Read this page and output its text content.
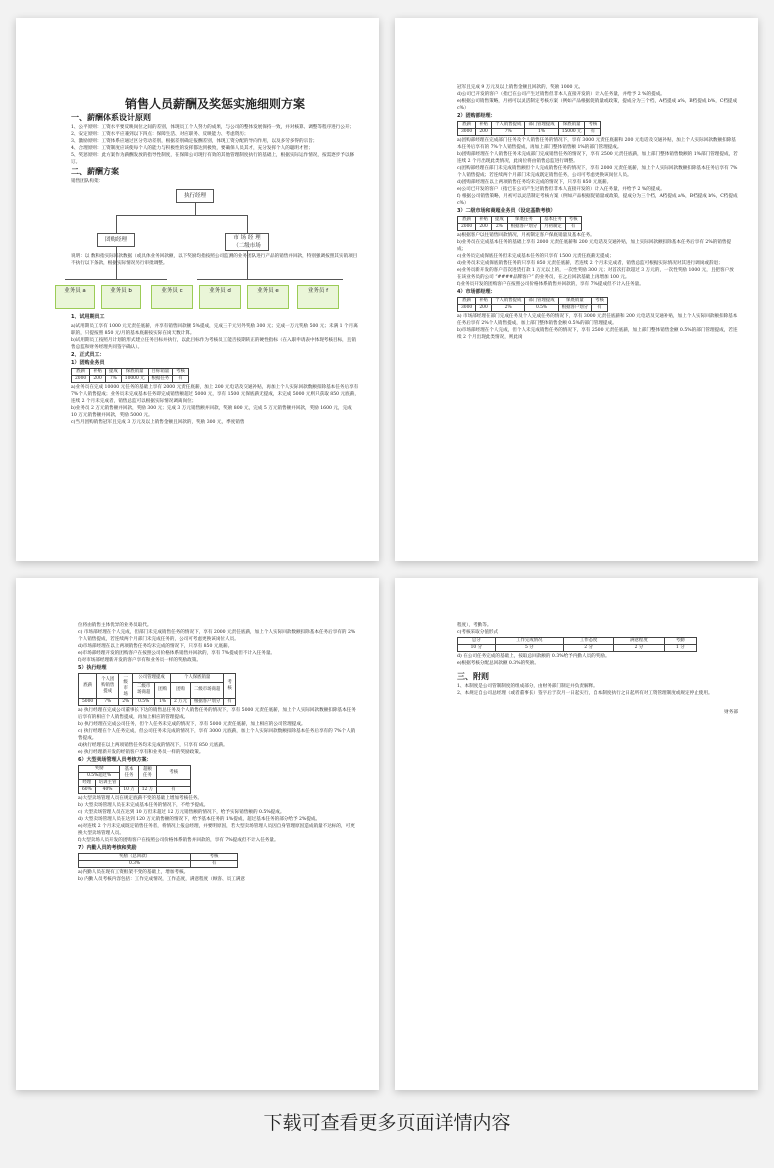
销售人员薪酬及奖惩实施细则方案
一、薪酬体系设计原则

1、公平原则：工资水平要反映岗位之间的差别，体现员工个人努力的成果，与公司的整体发展保持一致，并对核算、调整等程序进行公开；

2、安定原则：工资水平应兼到以下四点：保障生活、对应职务、反映能力、考虑资历；

3、激励原则：工资体系应通过区分劳动差别，根据差别确定报酬差别，体现工资分配的导向作用，以及多劳多得的宗旨；

4、合理原则：工资制度应该使每个人的能力与积极性的发挥都达到极致，要确保人员其才，充分发挥个人的聪明才智；

5、奖惩原则：此方案作为薪酬发放的指导性制度，在保障公司现行有效的其他管理制度执行的基础上，根据实际运作情况，按需逐步予以修订。

二、薪酬方案
销售团队构架：
执行经理
团购经理	市 场 经 理
（二级市场
说明：以 数和指实际回款数据（或具体业务回款额，以下奖励均指按照公司监测的业务团队进行产品的销售并回款，特别强调按照其实销项目不执行以下条款，根据实际情况另行审批调整。
业务员 a	业务员 b	业务员 c	业务员 d	业务员 e	业务员 f
1、试用期员工

a)试用期员工享有 1000 元无责任底薪，并享有销售回款额 5%提成，完成三千元另外奖励 300 元；完成一万元奖励 500 元；未满 1 个月离职的，只提按照 850 元/月的基本底薪按实际在岗天数计算。

b)试用期员工按照月计划的形式建立任务目标并执行，以此目标作为考核员工能否按期转正的硬性指标（在入职申请表中体现考核目标，且销售总监和财务经理共同签字确认）。

2、正式员工：
1）团购业务员
底薪	补贴	提成	保底销量	目标销量	考核
2000	200	7%	10000 元	根据任务	有

a)业务员在完成 10000 元任务的基础上享有 2000 元责任底薪，加上 200 元电话及交通补贴，再加上个人实际回款数额扣除基本任务后享有 7%个人销售提成；业务员未完成基本任务即完成销售额超过 5000 元，享有 1500 元保底薪无提成，未完成 5000 元则只获取 850 元底薪，连续 2 个月未完成者，销售总监可以根据实际情况调离岗位；

b)业务员 2 万元销售额并回款，奖励 300 元；完成 3 万元销售额并回款，奖励 800 元，完成 5 万元销售额并回款，奖励 1600 元，完成 10 万元销售额并回款，奖励 5000 元。

c)当月团购销售冠军且完成 3 万元及以上销售金额且回款的，奖励 300 元，季度销售

冠军且完成 9 万元及以上销售金额且回款的，奖励 1000 元。

d)公司已开发的客户（指已在公司产生过销售但非本人直接开发的）计入任务量，并给予 2 %的提成。

e)根据公司销售策略，月初可以灵活制定考核方案（例如产品根据促销量或政策，提成分为三个档，A档提成 a%，B档提成 b%，C档提成 c%）

2）团购部经理：
底薪	补贴	个人销售提成	部门管理提成	保底销量	考核
3000	200	7%	1%	15000 元	有

a)团购部经理在完成部门任务及个人销售任务的情况下，享有 3000 元责任底薪和 200 元电话及交通补贴，加上个人实际回款数额扣除基本任务后享有的 7%个人销售提成，再加上部门整体销售额 1%的部门管理提成。

b)团购部经理在个人销售任务未完成部门完成销售任务的情况下，享有 2500 元责任底薪，加上部门整体销售数额的 1%部门管理提成，若连续 2 个月出现此类情况，此岗位将由销售总监进行调整。

c)团购部经理在部门未完成销售额但个人完成销售任务的情况下，享有 2000 元责任底薪，加上个人实际回款数额扣除基本任务后享有 7%个人销售提成；若连续两个月部门未完成既定销售任务，公司可考虑更换该岗位人员。

d)团购部经理在以上两项销售任务均未完成的情况下，只享有 850 元底薪。

e)公司已开发的客户（指已在公司产生过销售但非本人直接开发的）计入任务量，并给予 2 %的提成。

f) 根据公司销售策略，月初可以灵活制定考核方案（例如产品根据促销量或政策，提成分为三个档，A档提成 a%，B档提成 b%，C档提成 c%）

3）二级市场和商超业务员（设定基数考核）
底薪	补贴	提成	保底任务	基本任务	考核
2000	200	2%	根据客户划分	月初制定	有

a)根据客户以往销售回款情况，月初制定客户保底销量及基本任务。

b)业务员在完成基本任务的基础上享有 2000 元责任底薪和 200 元电话及交通补贴，加上实际回款额扣除基本任务后享有 2%的销售提成；

c)业务员完成保底任务但未完成基本任务的只享有 1500 元责任底薪无提成；

d)业务员未完成保底销售任务的只享有 850 元责任底薪，若连续 2 个月未完成者，销售总监可根据实际情况对其进行调岗或辞退；

e)业务员新开发的客户首次进货打款 1 万元以上的，一次性奖励 300 元；对首次打款超过 3 万元的，一次性奖励 1000 元，且把客户放在该业务员的公司 “####品牌客户” 的业务员，在之后回款基础上再增加 100 元。

f)业务员开发的团购客户在按照公司价格体系销售并回款的，享有 7%提成但不计入任务量。

4）市场部经理：
底薪	补贴	个人销售提成	部门管理提成	保底销量	考核
3000	200	2%	0.5%	根据客户划分	有

a) 市场部经理在部门完成任务及个人完成任务的情况下，享有 3000 元责任底薪和 200 元电话及交通补贴，加上个人实际回款额扣除基本任务后享有 2%个人销售提成，加上部门整体销售金额 0.5%的部门管理提成。

b)市场部经理在个人完成，但个人未完成销售任务的情况下，享有 2500 元责任底薪，加上部门整体销售金额 0.5%的部门管理提成，若连续 2 个月出现此类情况，则此岗

位将由销售主体优异的业务员取代。

c) 市场部经理在个人完成，但部门未完成销售任务的情况下，享有 2000 元责任底薪，加上个人实际回款数额扣除基本任务后享有的 2%个人销售提成，若连续两个月部门未完成任务的，公司可考虑更换该岗位人员。

d)市场部经理在以上两项销售任务均未完成的情况下，只享有 850 元底薪。

e)市场部经理开发的团购客户在按照公司价格体系销售并回款的，享有 7%提成但不计入任务量。

f)对市场部经理新开发的客户享有和业务员一样的奖励政策。

5）执行经理
底薪	个人团购销售提成	二级市场	公司管理提成		个人保底销量		考核
			二级市场商超	团购	团购	二级市场商超	
5000	7%	2%	0.5%	1%	2 万元	根据客户划分	有

a) 执行经理在完成公司董事长下达的销售总任务及个人销售任务的情况下，享有 5000 元责任底薪，加上个人实际回款数额扣除基本任务后享有的相应个人销售提成，再加上相应的管理提成。

b) 执行经理在完成公司任务，但个人任务未完成的情况下，享有 5000 元责任底薪，加上相应的公司管理提成。

c) 执行经理在个人任务完成，但公司任务未完成的情况下，享有 3000 元底薪，加上个人实际回款数额扣除基本任务后享有的 7%个人销售提成。

d)执行经理在以上两项销售任务均未完成的情况下，只享有 850 元底薪。

e) 执行经理新开发的经销客户享有和业务员一样的奖励政策。

6）大型卖场管理人员考核方案：
奖励		基本任务	超额任务	考核

0.5%超过%				
经理	培训主管			
60%	40%	10 万	12 万	有

a)大型卖场管理人员在规定底薪不变的基础上增加考核任务。

b) 大型卖场管理人员在未完成基本任务的情况下，不给予提成。

c) 大型卖场管理人员在达到 10 万但未超过 12 万元销售额的情况下，给予实际销售额的 0.5%提成。

d) 大型卖场管理人员在达到 120 万元销售额的情况下，给予基本任务的 1%提成，超过基本任务的部分给予 2%提成。

e)对连续 2 个月未完成既定销售任务者，将情况上报总经理，并要明原因，若大型卖场管理人员因自身管理原因造成销量不达标的，可更换大型卖场管理人员。

f)大型卖场人员开发的团购客户在按照公司价格体系销售并回款的，享有 7%提成但不计入任务量。

7）内勤人员的考核和奖励
奖励（总回款）	考核
0.3%	有

a)内勤人员在现有工资框架不变的基础上，增加考核。

b) 内勤人员考核内容包括：工作完成情况，工作态度，满意程度（顾客、员工满意

程度），考勤等。

c)考核采取分值形式

总分	工作完成情况	工作态度	满意程度	考勤
10 分	5 分	2 分	2 分	1 分

d) 在公司任务完成的基础上，按取总回款额的 0.3%给予内勤人员的奖励。

e)根据考核分配总回款额 0.3%的奖励。

三、附则

1、本制度是公司管制制度的组成部分，由财务部门制定并负责解释。

2、本规定自公司总经理（或者董事长）签字后于次月一日起实行，自本制度执行之日起所有对工资管理制度或规定停止使用。

财务部
下载可查看更多页面详情内容
